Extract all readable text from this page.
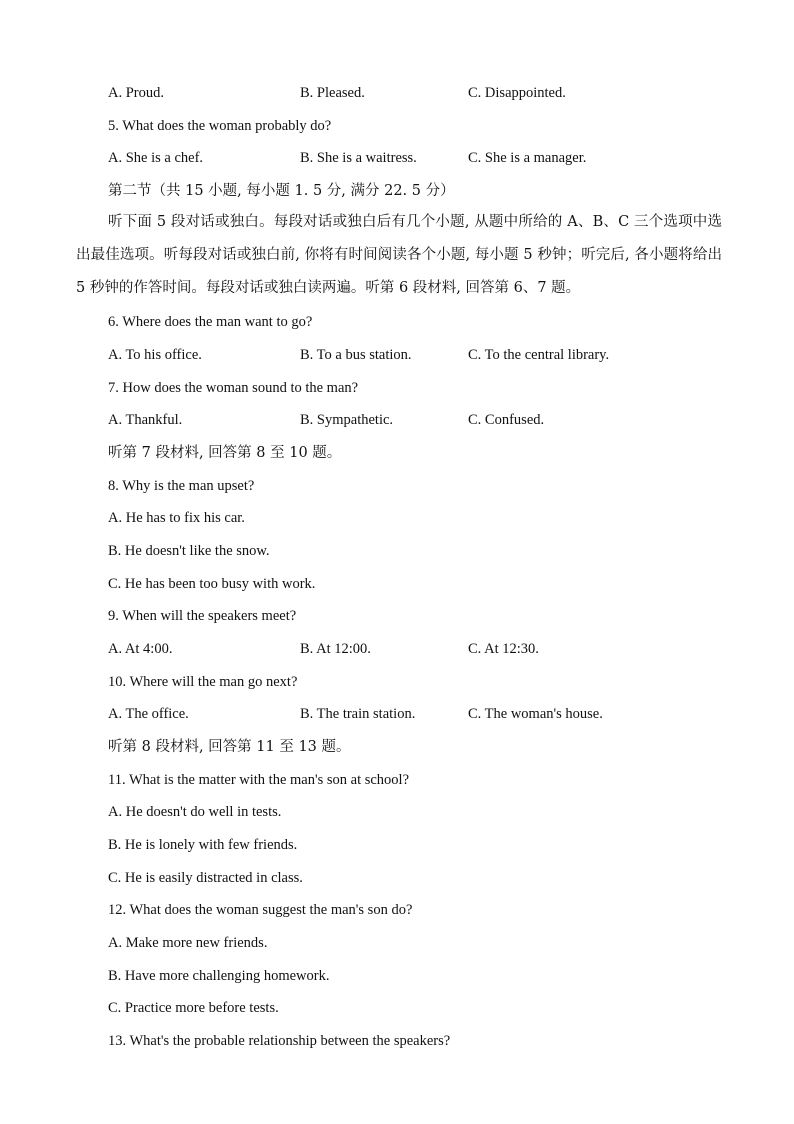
A. Proud.	B. Pleased.	C. Disappointed.
5. What does the woman probably do?
A. She is a chef.	B. She is a waitress.	C. She is a manager.
第二节（共 15 小题, 每小题 1. 5 分, 满分 22. 5 分）
听下面 5 段对话或独白。每段对话或独白后有几个小题, 从题中所给的 A、B、C 三个选项中选出最佳选项。听每段对话或独白前, 你将有时间阅读各个小题, 每小题 5 秒钟；听完后, 各小题将给出 5 秒钟的作答时间。每段对话或独白读两遍。听第 6 段材料, 回答第 6、7 题。
6. Where does the man want to go?
A. To his office.	B. To a bus station.	C. To the central library.
7. How does the woman sound to the man?
A. Thankful.	B. Sympathetic.	C. Confused.
听第 7 段材料, 回答第 8 至 10 题。
8. Why is the man upset?
A. He has to fix his car.
B. He doesn't like the snow.
C. He has been too busy with work.
9. When will the speakers meet?
A. At 4:00.	B. At 12:00.	C. At 12:30.
10. Where will the man go next?
A. The office.	B. The train station.	C. The woman's house.
听第 8 段材料, 回答第 11 至 13 题。
11. What is the matter with the man's son at school?
A. He doesn't do well in tests.
B. He is lonely with few friends.
C. He is easily distracted in class.
12. What does the woman suggest the man's son do?
A. Make more new friends.
B. Have more challenging homework.
C. Practice more before tests.
13. What's the probable relationship between the speakers?
